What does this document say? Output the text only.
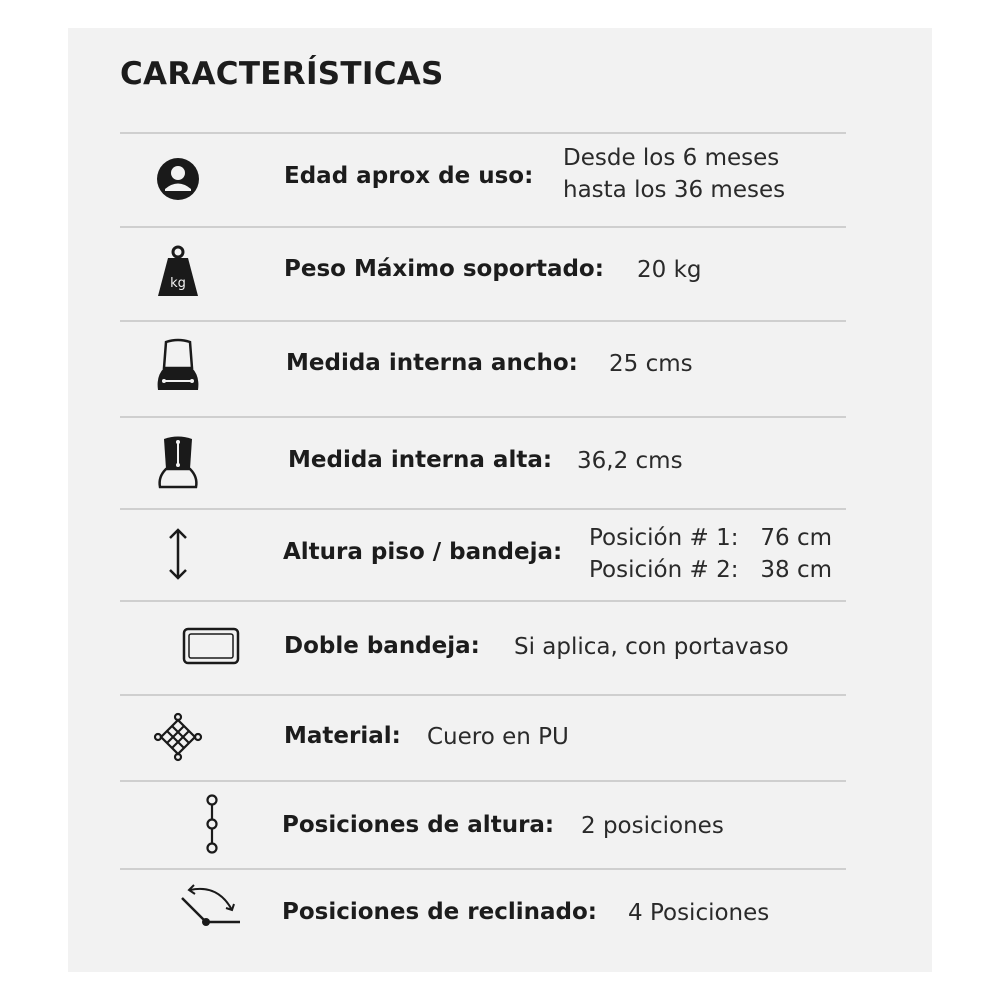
CARACTERÍSTICAS
Edad aprox de uso:
Desde los 6 meses
hasta los 36 meses
kg
Peso Máximo soportado: 20 kg
Medida interna ancho: 25 cms
Medida interna alta: 36,2 cms
Altura piso / bandeja:
Posición # 1:   76 cm
Posición # 2:   38 cm
Doble bandeja: Si aplica, con portavaso
Material: Cuero en PU
Posiciones de altura: 2 posiciones
Posiciones de reclinado: 4 Posiciones
